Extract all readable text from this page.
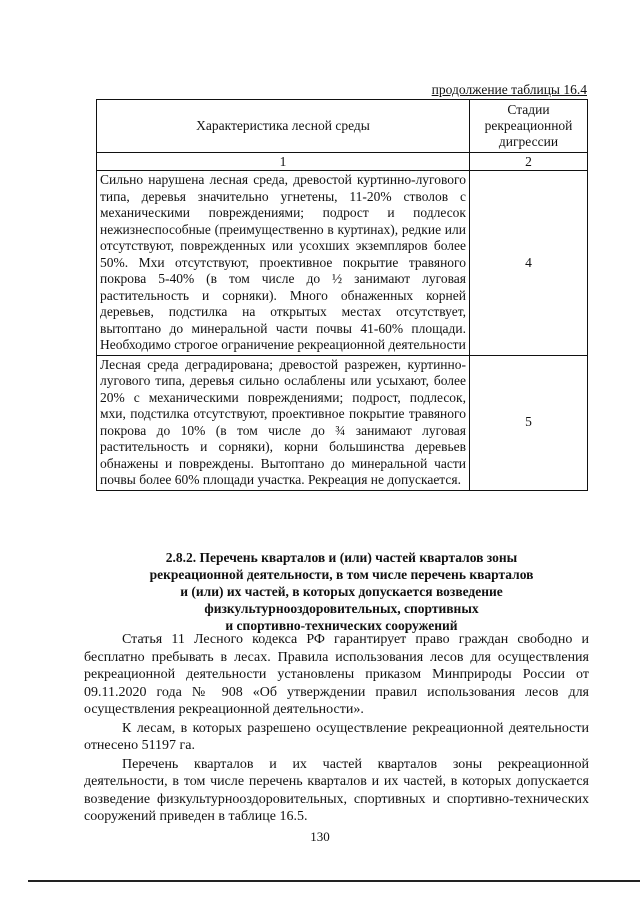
продолжение таблицы 16.4
Характеристика лесной среды	Стадии рекреационной дигрессии
1	2
Сильно нарушена лесная среда, древостой куртинно-лугового типа, деревья значительно угнетены, 11-20% стволов с механическими повреждениями; подрост и подлесок нежизнеспособные (преимущественно в куртинах), редкие или отсутствуют, поврежденных или усохших экземпляров более 50%. Мхи отсутствуют, проективное покрытие травяного покрова 5-40% (в том числе до ½ занимают луговая растительность и сорняки). Много обнаженных корней деревьев, подстилка на открытых местах отсутствует, вытоптано до минеральной части почвы 41-60% площади. Необходимо строгое ограничение рекреационной деятельности	4
Лесная среда деградирована; древостой разрежен, куртинно-лугового типа, деревья сильно ослаблены или усыхают, более 20% с механическими повреждениями; подрост, подлесок, мхи, подстилка отсутствуют, проективное покрытие травяного покрова до 10% (в том числе до ¾ занимают луговая растительность и сорняки), корни большинства деревьев обнажены и повреждены. Вытоптано до минеральной части почвы более 60% площади участка. Рекреация не допускается.	5
2.8.2. Перечень кварталов и (или) частей кварталов зоны
рекреационной деятельности, в том числе перечень кварталов
и (или) их частей, в которых допускается возведение
физкультурнооздоровительных, спортивных
и спортивно-технических сооружений

Статья 11 Лесного кодекса РФ гарантирует право граждан свободно и бесплатно пребывать в лесах. Правила использования лесов для осуществления рекреационной деятельности установлены приказом Минприроды России от 09.11.2020 года № 908 «Об утверждении правил использования лесов для осуществления рекреационной деятельности».

К лесам, в которых разрешено осуществление рекреационной деятельности отнесено 51197 га.

Перечень кварталов и их частей кварталов зоны рекреационной деятельности, в том числе перечень кварталов и их частей, в которых допускается возведение физкультурнооздоровительных, спортивных и спортивно-технических сооружений приведен в таблице 16.5.

130
